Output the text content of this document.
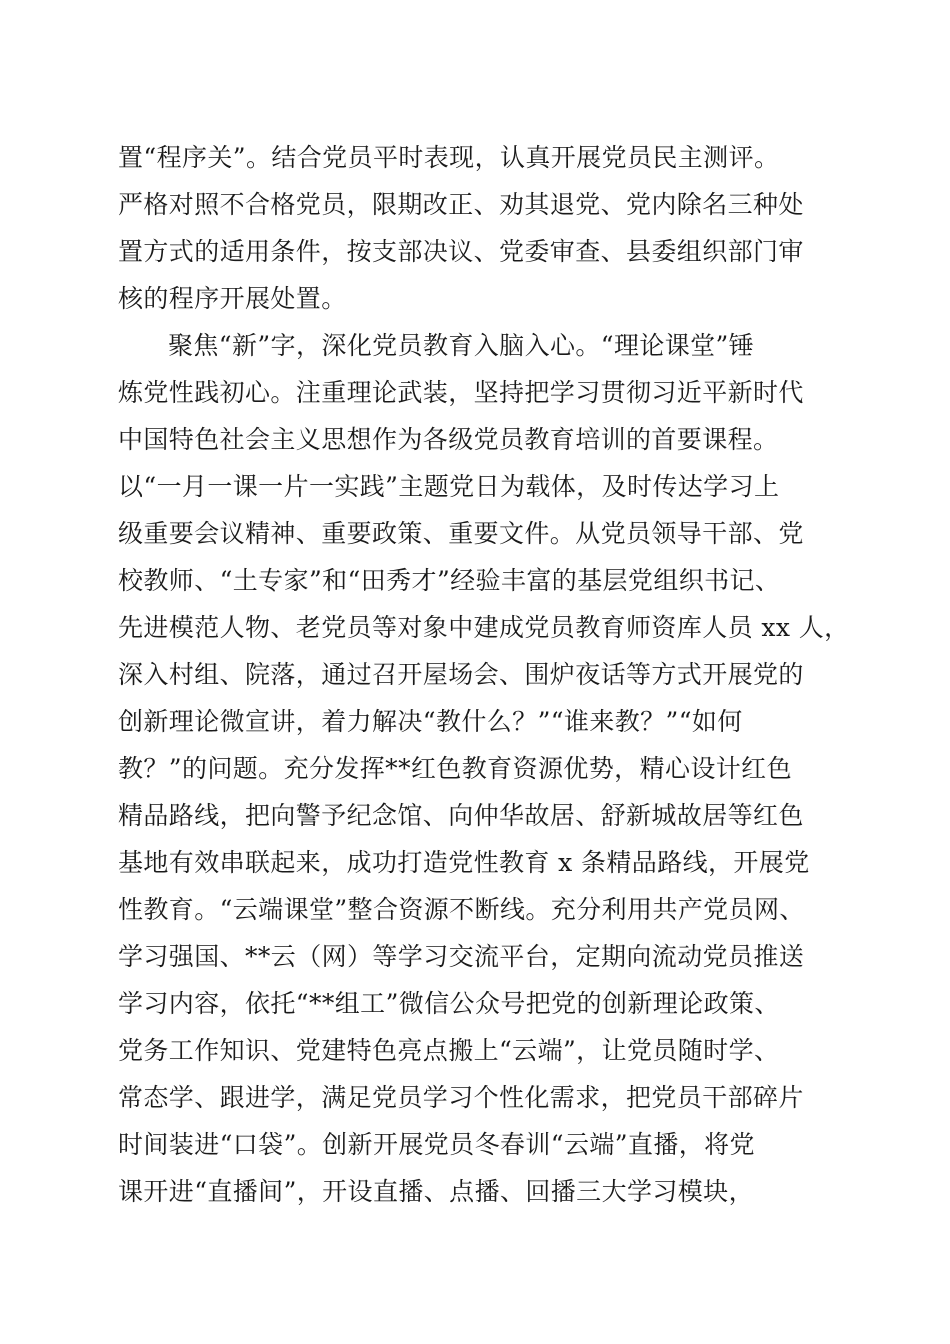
置“程序关”。结合党员平时表现，认真开展党员民主测评。
严格对照不合格党员，限期改正、劝其退党、党内除名三种处
置方式的适用条件，按支部决议、党委审查、县委组织部门审
核的程序开展处置。
聚焦“新”字，深化党员教育入脑入心。“理论课堂”锤
炼党性践初心。注重理论武装，坚持把学习贯彻习近平新时代
中国特色社会主义思想作为各级党员教育培训的首要课程。
以“一月一课一片一实践”主题党日为载体，及时传达学习上
级重要会议精神、重要政策、重要文件。从党员领导干部、党
校教师、“土专家”和“田秀才”经验丰富的基层党组织书记、
先进模范人物、老党员等对象中建成党员教育师资库人员 xx 人，
深入村组、院落，通过召开屋场会、围炉夜话等方式开展党的
创新理论微宣讲，着力解决“教什么？”“谁来教？”“如何
教？”的问题。充分发挥**红色教育资源优势，精心设计红色
精品路线，把向警予纪念馆、向仲华故居、舒新城故居等红色
基地有效串联起来，成功打造党性教育 x 条精品路线，开展党
性教育。“云端课堂”整合资源不断线。充分利用共产党员网、
学习强国、**云（网）等学习交流平台，定期向流动党员推送
学习内容，依托“**组工”微信公众号把党的创新理论政策、
党务工作知识、党建特色亮点搬上“云端”，让党员随时学、
常态学、跟进学，满足党员学习个性化需求，把党员干部碎片
时间装进“口袋”。创新开展党员冬春训“云端”直播，将党
课开进“直播间”，开设直播、点播、回播三大学习模块，
